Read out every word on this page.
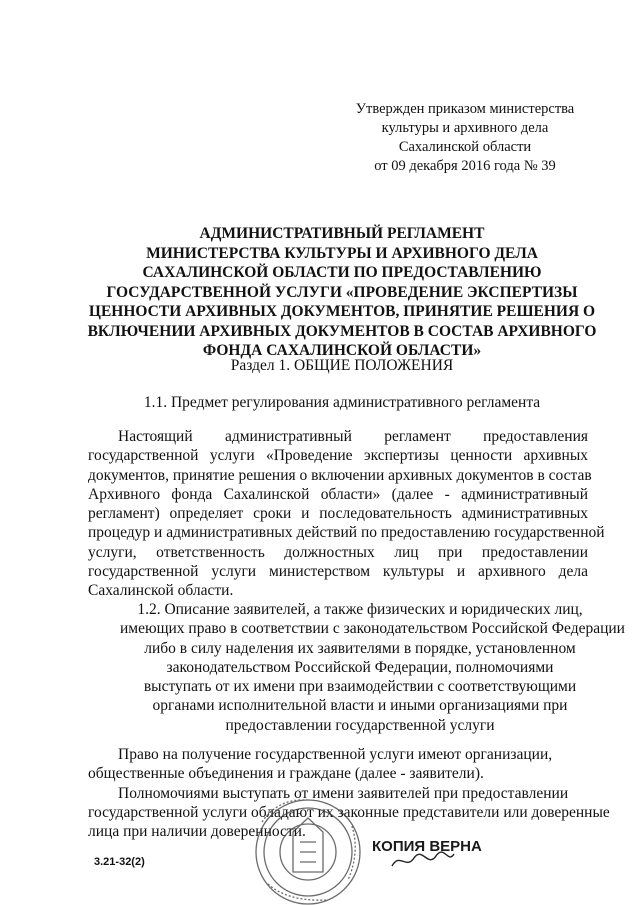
Утвержден приказом министерства
культуры и архивного дела
Сахалинской области
от 09 декабря 2016 года № 39
АДМИНИСТРАТИВНЫЙ РЕГЛАМЕНТ
МИНИСТЕРСТВА КУЛЬТУРЫ И АРХИВНОГО ДЕЛА
САХАЛИНСКОЙ ОБЛАСТИ ПО ПРЕДОСТАВЛЕНИЮ
ГОСУДАРСТВЕННОЙ УСЛУГИ «ПРОВЕДЕНИЕ ЭКСПЕРТИЗЫ
ЦЕННОСТИ АРХИВНЫХ ДОКУМЕНТОВ, ПРИНЯТИЕ РЕШЕНИЯ О
ВКЛЮЧЕНИИ АРХИВНЫХ ДОКУМЕНТОВ В СОСТАВ АРХИВНОГО
ФОНДА САХАЛИНСКОЙ ОБЛАСТИ»
Раздел 1. ОБЩИЕ ПОЛОЖЕНИЯ
1.1. Предмет регулирования административного регламента
Настоящий административный регламент предоставления
государственной услуги «Проведение экспертизы ценности архивных
документов, принятие решения о включении архивных документов в состав
Архивного фонда Сахалинской области» (далее - административный
регламент) определяет сроки и последовательность административных
процедур и административных действий по предоставлению государственной
услуги, ответственность должностных лиц при предоставлении
государственной услуги министерством культуры и архивного дела
Сахалинской области.
1.2. Описание заявителей, а также физических и юридических лиц,
имеющих право в соответствии с законодательством Российской Федерации
либо в силу наделения их заявителями в порядке, установленном
законодательством Российской Федерации, полномочиями
выступать от их имени при взаимодействии с соответствующими
органами исполнительной власти и иными организациями при
предоставлении государственной услуги
Право на получение государственной услуги имеют организации,
общественные объединения и граждане (далее - заявители).
Полномочиями выступать от имени заявителей при предоставлении
государственной услуги обладают их законные представители или доверенные
лица при наличии доверенности.
3.21-32(2)
КОПИЯ ВЕРНА
